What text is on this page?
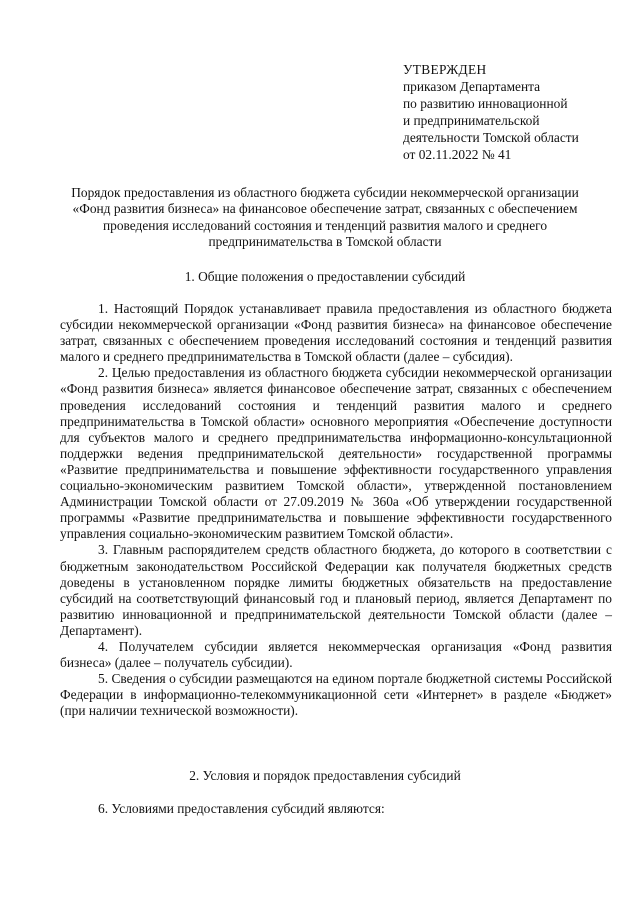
УТВЕРЖДЕН
приказом Департамента
по развитию инновационной
и предпринимательской
деятельности Томской области
от 02.11.2022 № 41
Порядок предоставления из областного бюджета субсидии некоммерческой организации «Фонд развития бизнеса» на финансовое обеспечение затрат, связанных с обеспечением проведения исследований состояния и тенденций развития малого и среднего предпринимательства в Томской области
1. Общие положения о предоставлении субсидий

1. Настоящий Порядок устанавливает правила предоставления из областного бюджета субсидии некоммерческой организации «Фонд развития бизнеса» на финансовое обеспечение затрат, связанных с обеспечением проведения исследований состояния и тенденций развития малого и среднего предпринимательства в Томской области (далее – субсидия).

2. Целью предоставления из областного бюджета субсидии некоммерческой организации «Фонд развития бизнеса» является финансовое обеспечение затрат, связанных с обеспечением проведения исследований состояния и тенденций развития малого и среднего предпринимательства в Томской области» основного мероприятия «Обеспечение доступности для субъектов малого и среднего предпринимательства информационно-консультационной поддержки ведения предпринимательской деятельности» государственной программы «Развитие предпринимательства и повышение эффективности государственного управления социально-экономическим развитием Томской области», утвержденной постановлением Администрации Томской области от 27.09.2019 № 360а «Об утверждении государственной программы «Развитие предпринимательства и повышение эффективности государственного управления социально-экономическим развитием Томской области».

3. Главным распорядителем средств областного бюджета, до которого в соответствии с бюджетным законодательством Российской Федерации как получателя бюджетных средств доведены в установленном порядке лимиты бюджетных обязательств на предоставление субсидий на соответствующий финансовый год и плановый период, является Департамент по развитию инновационной и предпринимательской деятельности Томской области (далее – Департамент).

4. Получателем субсидии является некоммерческая организация «Фонд развития бизнеса» (далее – получатель субсидии).

5. Сведения о субсидии размещаются на едином портале бюджетной системы Российской Федерации в информационно-телекоммуникационной сети «Интернет» в разделе «Бюджет» (при наличии технической возможности).

2. Условия и порядок предоставления субсидий

6. Условиями предоставления субсидий являются:
